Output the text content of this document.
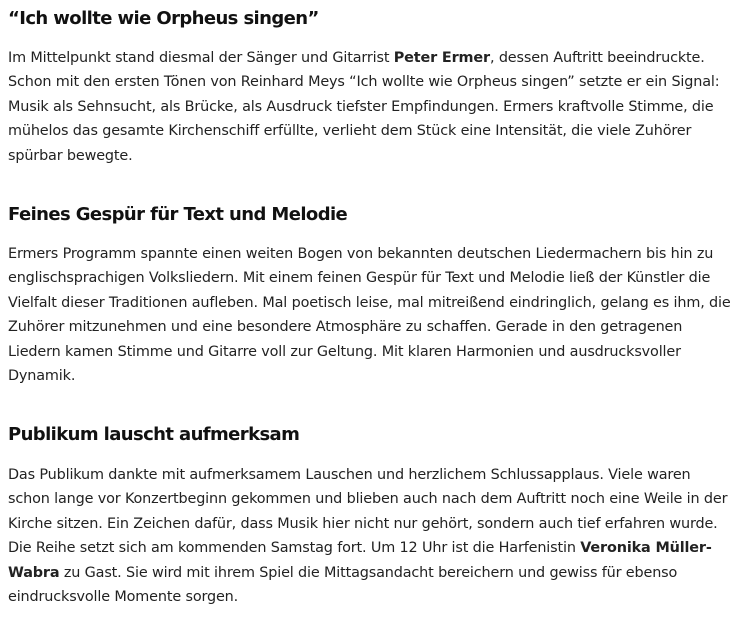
“Ich wollte wie Orpheus singen”

Im Mittelpunkt stand diesmal der Sänger und Gitarrist Peter Ermer, dessen Auftritt beeindruckte. Schon mit den ersten Tönen von Reinhard Meys “Ich wollte wie Orpheus singen” setzte er ein Signal: Musik als Sehnsucht, als Brücke, als Ausdruck tiefster Empfindungen. Ermers kraftvolle Stimme, die mühelos das gesamte Kirchenschiff erfüllte, verlieht dem Stück eine Intensität, die viele Zuhörer spürbar bewegte.

Feines Gespür für Text und Melodie

Ermers Programm spannte einen weiten Bogen von bekannten deutschen Liedermachern bis hin zu englischsprachigen Volksliedern. Mit einem feinen Gespür für Text und Melodie ließ der Künstler die Vielfalt dieser Traditionen aufleben. Mal poetisch leise, mal mitreißend eindringlich, gelang es ihm, die Zuhörer mitzunehmen und eine besondere Atmosphäre zu schaffen. Gerade in den getragenen Liedern kamen Stimme und Gitarre voll zur Geltung. Mit klaren Harmonien und ausdrucksvoller Dynamik.

Publikum lauscht aufmerksam

Das Publikum dankte mit aufmerksamem Lauschen und herzlichem Schlussapplaus. Viele waren schon lange vor Konzertbeginn gekommen und blieben auch nach dem Auftritt noch eine Weile in der Kirche sitzen. Ein Zeichen dafür, dass Musik hier nicht nur gehört, sondern auch tief erfahren wurde. Die Reihe setzt sich am kommenden Samstag fort. Um 12 Uhr ist die Harfenistin Veronika Müller-Wabra zu Gast. Sie wird mit ihrem Spiel die Mittagsandacht bereichern und gewiss für ebenso eindrucksvolle Momente sorgen.
